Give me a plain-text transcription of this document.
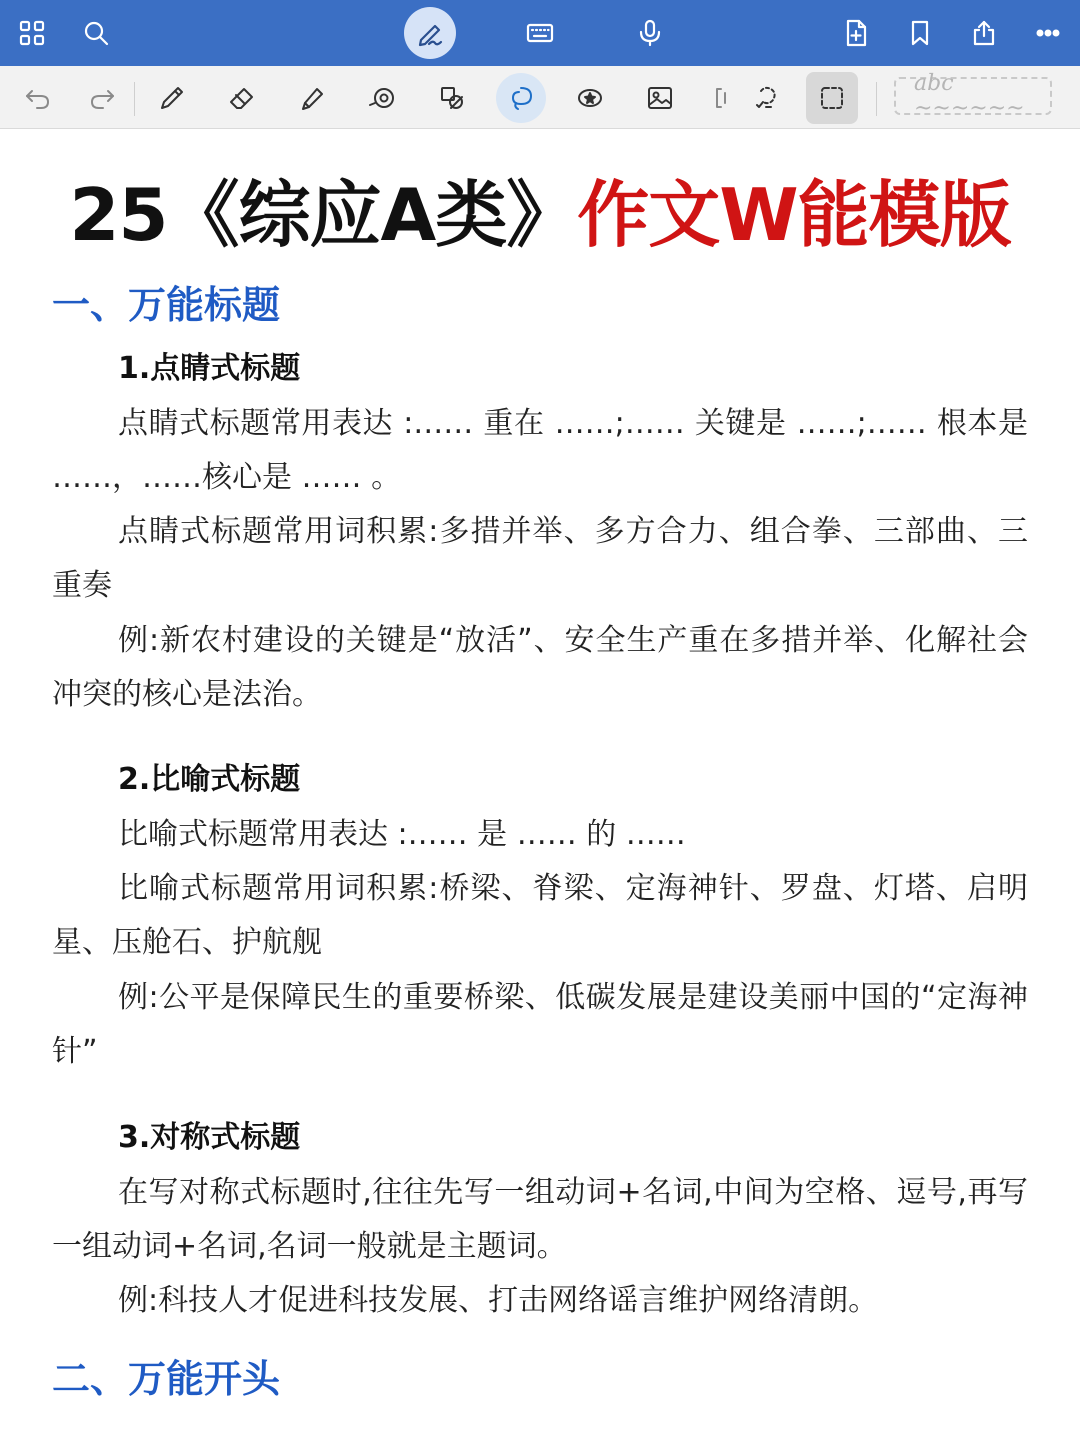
abc ~~~~~~
25《综应A类》作文W能模版
一、万能标题
1.点睛式标题

点睛式标题常用表达 :…… 重在 ……;…… 关键是 ……;…… 根本是 ……，……核心是 …… 。

点睛式标题常用词积累:多措并举、多方合力、组合拳、三部曲、三重奏

例:新农村建设的关键是“放活”、安全生产重在多措并举、化解社会冲突的核心是法治。

2.比喻式标题

比喻式标题常用表达 :…… 是 …… 的 ……

比喻式标题常用词积累:桥梁、脊梁、定海神针、罗盘、灯塔、启明星、压舱石、护航舰

例:公平是保障民生的重要桥梁、低碳发展是建设美丽中国的“定海神针”

3.对称式标题

在写对称式标题时,往往先写一组动词+名词,中间为空格、逗号,再写一组动词+名词,名词一般就是主题词。

例:科技人才促进科技发展、打击网络谣言维护网络清朗。

二、万能开头
